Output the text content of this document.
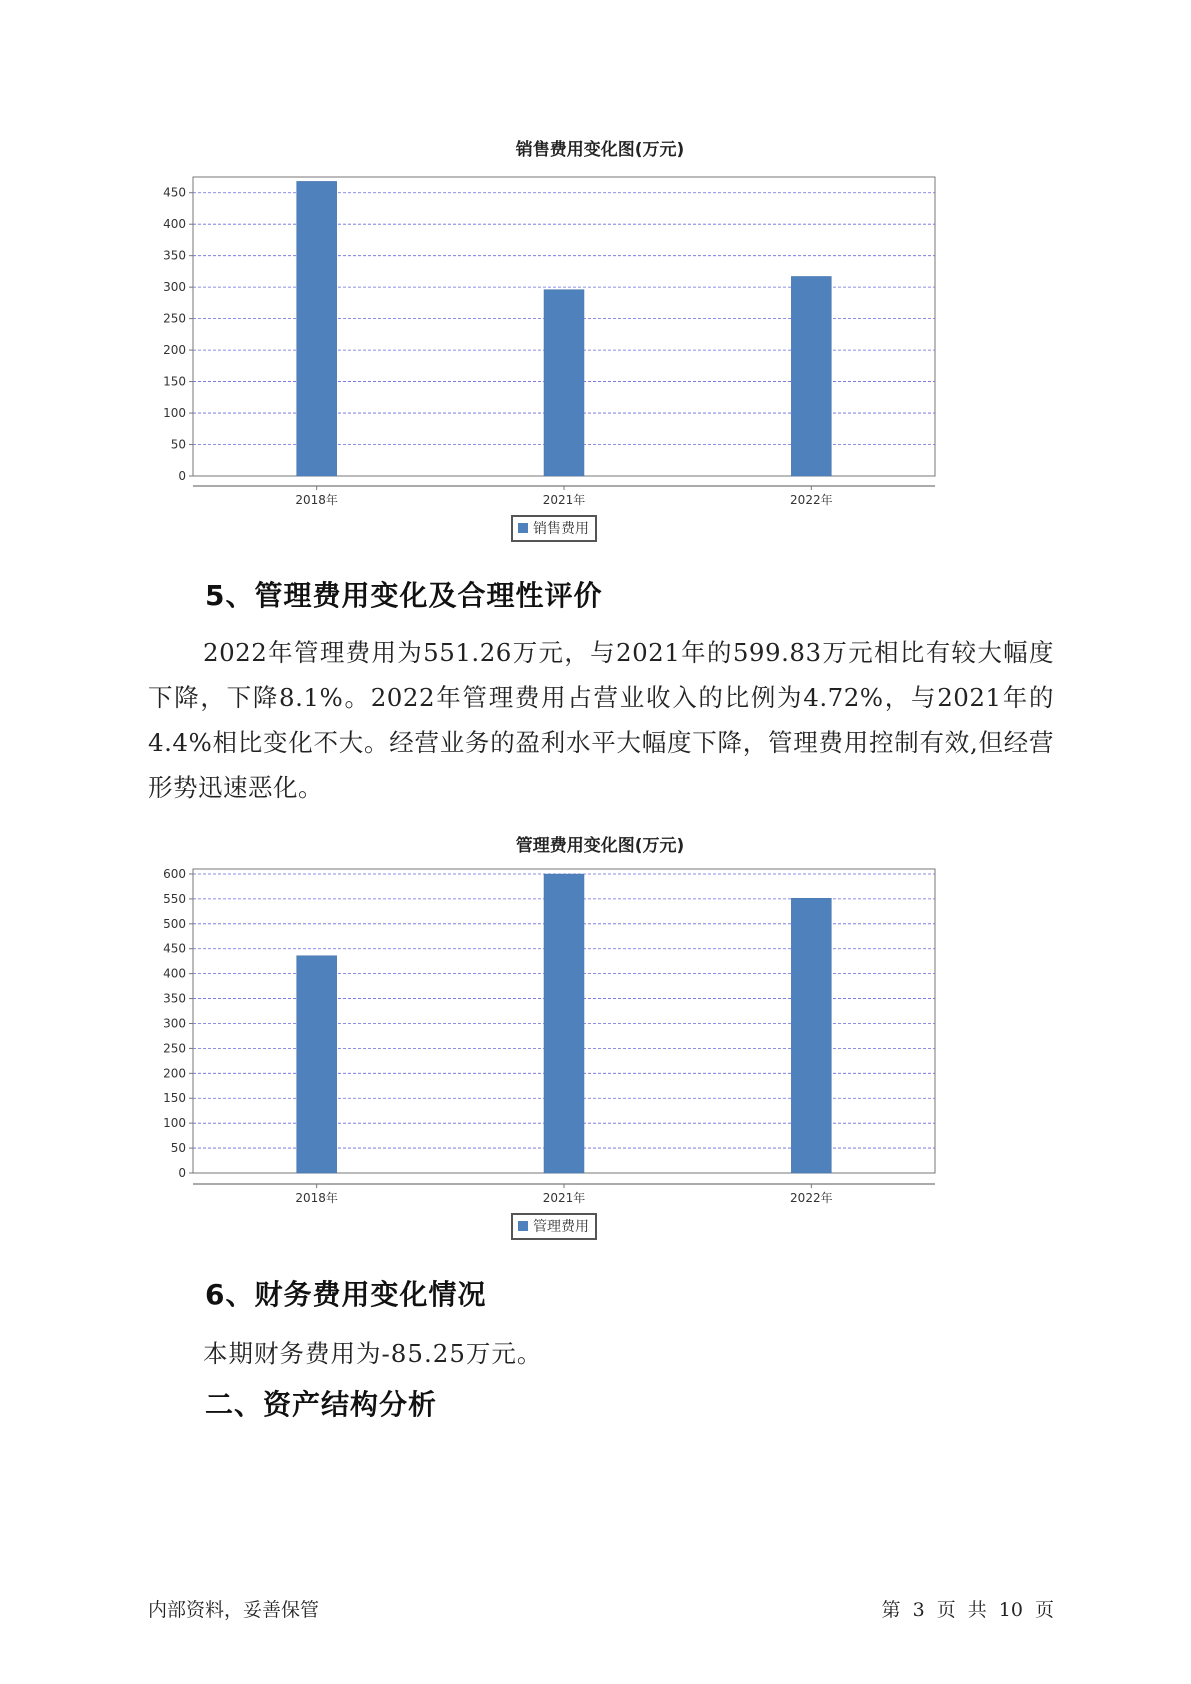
销售费用变化图(万元)
0
50
100
150
200
250
300
350
400
450
2018年	2021年	2022年
销售费用
5、管理费用变化及合理性评价
2022年管理费用为551.26万元，与2021年的599.83万元相比有较大幅度下降，下降8.1%。2022年管理费用占营业收入的比例为4.72%，与2021年的4.4%相比变化不大。经营业务的盈利水平大幅度下降，管理费用控制有效,但经营形势迅速恶化。
管理费用变化图(万元)
0
50
100
150
200
250
300
350
400
450
500
550
600
2018年	2021年	2022年
管理费用
6、财务费用变化情况
本期财务费用为-85.25万元。
二、资产结构分析
内部资料，妥善保管	第 3 页 共 10 页
